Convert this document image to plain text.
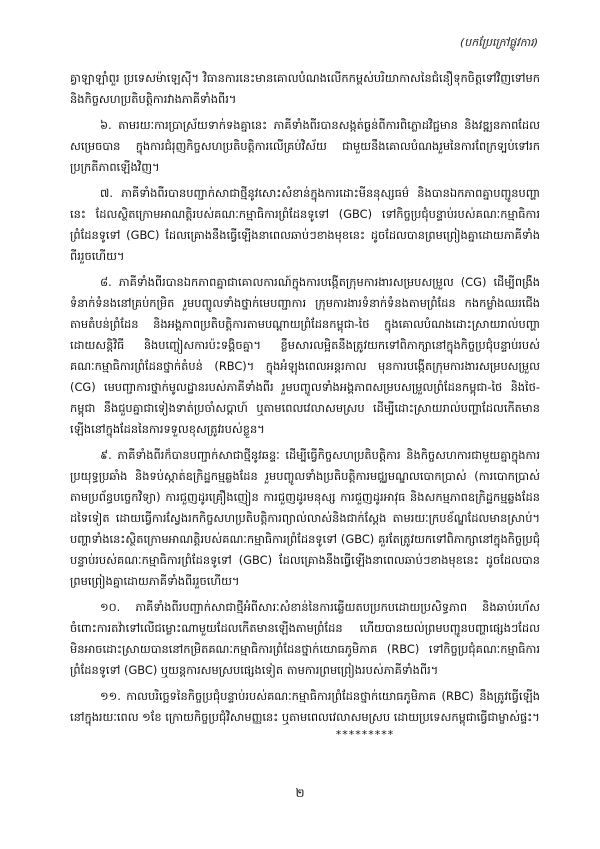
(បកប្រែក្រៅផ្លូវការ)

គ្វាឡាឡាំពួរ ប្រទេសម៉ាឡេស៊ី។ វិធានការនេះមានគោលបំណងលើកកម្ពស់បរិយាកាសនៃជំនឿទុកចិត្តទៅវិញទៅមក និងកិច្ចសហប្រតិបត្តិការវាងភាគីទាំងពីរ។

៦. តាមរយៈការប្រាស្រ័យទាក់ទងគ្នានេះ ភាគីទាំងពីរបានសង្កត់ធ្ងន់ពីការពិភ្លោដវិជ្ជមាន និងវឌ្ឍនភាពដែលសម្រេចបាន ក្នុងការជំរុញកិច្ចសហប្រតិបត្តិការលើគ្រប់វិស័យ ជាមួយនឹងគោលបំណងរួមនៃការពែក្រទ្បប់ទៅរកប្រក្រតីភាពឡើងវិញ។

៧. ភាគីទាំងពីរបានបញ្ជាក់សាជាថ្មីនូវសោះសំខាន់ក្នុងការដោះមីននុស្សធម៌ និងបានឯកភាពគ្នាបញ្ជូនបញ្ហានេះ ដែលស្ថិតក្រោមអាណត្តិរបស់គណៈកម្មាធិការព្រំដែនទូទៅ (GBC) ទៅកិច្ចប្រជុំបន្ទាប់របស់គណៈកម្មាធិការព្រំដែនទូទៅ (GBC) ដែលគ្រោងនឹងធ្វើឡើងនាពេលឆាប់ៗខាងមុខនេះ ដូចដែលបានព្រមព្រៀងគ្នាដោយភាគីទាំងពីររួចហើយ។

៨. ភាគីទាំងពីរបានឯកភាពគ្នាជាគោលការណ៍ក្នុងការបង្កើតក្រុមការងារសម្របសម្រួល (CG) ដើម្បីពង្រឹងទំនាក់ទំនងនៅគ្រប់កម្រិត រួមបញ្ចូលទាំងថ្នាក់មេបញ្ជាការ ក្រុមការងារទំនាក់ទំនងតាមព្រំដែន កងកម្លាំងឈរជើងតាមតំបន់ព្រំដែន និងអង្គភាពប្រតិបត្តិការតាមបណ្តាយព្រំដែនកម្ពុជា-ថៃ ក្នុងគោលបំណងដោះស្រាយរាល់បញ្ហាដោយសន្តិវិធី និងបញ្ចៀសការប៉ះទង្គិចគ្នា។ ខ្លឹមសារលម្អិតនឹងត្រូវយកទៅពិភាក្សានៅក្នុងកិច្ចប្រជុំបន្ទាប់របស់គណៈកម្មាធិការព្រំដែនថ្នាក់តំបន់ (RBC)។ ក្នុងអំឡុងពេលអន្តរកាល មុនការបង្កើតក្រុមការងារសម្របសម្រួល (CG) មេបញ្ជាការថ្នាក់មូលដ្ឋានរបស់ភាគីទាំងពីរ រួមបញ្ចូលទាំងអង្គភាពសម្របសម្រួលព្រំដែនកម្ពុជា-ថៃ និងថៃ-កម្ពុជា នឹងជួបគ្នាជាទៀងទាត់ប្រចាំសប្តាហ៍ ឬតាមពេលវេលាសមស្រប ដើម្បីដោះស្រាយរាល់បញ្ហាដែលកើតមានឡើងនៅក្នុងដែននៃការទទួលខុសត្រូវរបស់ខ្លួន។

៩. ភាគីទាំងពីរក៏បានបញ្ជាក់សាជាថ្មីនូវឆន្ទៈ ដើម្បីធ្វើកិច្ចសហប្រតិបត្តិការ និងកិច្ចសហការជាមួយគ្នាក្នុងការប្រយុទ្ធប្រឆាំង និងទប់ស្កាត់ឧក្រិដ្ឋកម្មឆ្លងដែន រួមបញ្ចូលទាំងប្រតិបត្តិការមជ្ឈមណ្ឌលបោកប្រាស់ (ការបោកប្រាស់តាមប្រព័ន្ធបច្ចេកវិទ្យា) ការជួញដូរគ្រឿងញៀន ការជួញដូរមនុស្ស ការជួញដូរអាវុធ និងសកម្មភាពឧក្រិដ្ឋកម្មឆ្លងដែនដទៃទៀត ដោយធ្វើការស្វែងរកកិច្ចសហប្រតិបត្តិការព្យាល់លាស់និងជាក់ស្តែង តាមរយៈក្របខ័ណ្ឌដែលមានស្រាប់។ បញ្ហាទាំងនេះស្ថិតក្រោមអាណត្តិរបស់គណៈកម្មាធិការព្រំដែនទូទៅ (GBC) គួរតែត្រូវយកទៅពិភាក្សានៅក្នុងកិច្ចប្រជុំបន្ទាប់របស់គណៈកម្មាធិការព្រំដែនទូទៅ (GBC) ដែលគ្រោងនឹងធ្វើឡើងនាពេលឆាប់ៗខាងមុខនេះ ដូចដែលបានព្រមព្រៀងគ្នាដោយភាគីទាំងពីររួចហើយ។

១០. ភាគីទាំងពីរបញ្ជាក់សាជាថ្មីអំពីសារៈសំខាន់នៃការឆ្លើយតបប្រកបដោយប្រសិទ្ធភាព និងឆាប់រហ័សចំពោះការតវ៉ាទៅលើជម្លោះណាមួយដែលកើតមានឡើងតាមព្រំដែន ហើយបានយល់ព្រមបញ្ជូនបញ្ហាផ្សេងៗដែលមិនអាចដោះស្រាយបាននៅកម្រិតគណៈកម្មាធិការព្រំដែនថ្នាក់យោធភូមិភាគ (RBC) ទៅកិច្ចប្រជុំគណៈកម្មាធិការព្រំដែនទូទៅ (GBC) ឬយន្តការសមស្របផ្សេងទៀត តាមការព្រមព្រៀងរបស់ភាគីទាំងពីរ។

១១. កាលបរិច្ឆេទនៃកិច្ចប្រជុំបន្ទាប់របស់គណៈកម្មាធិការព្រំដែនថ្នាក់យោធភូមិភាគ (RBC) នឹងត្រូវធ្វើឡើងនៅក្នុងរយៈពេល ១ខែ ក្រោយកិច្ចប្រជុំវិសាមញ្ញនេះ ឬតាមពេលវេលាសមស្រប ដោយប្រទេសកម្ពុជាធ្វើជាម្ចាស់ផ្ទះ។

*********
២
